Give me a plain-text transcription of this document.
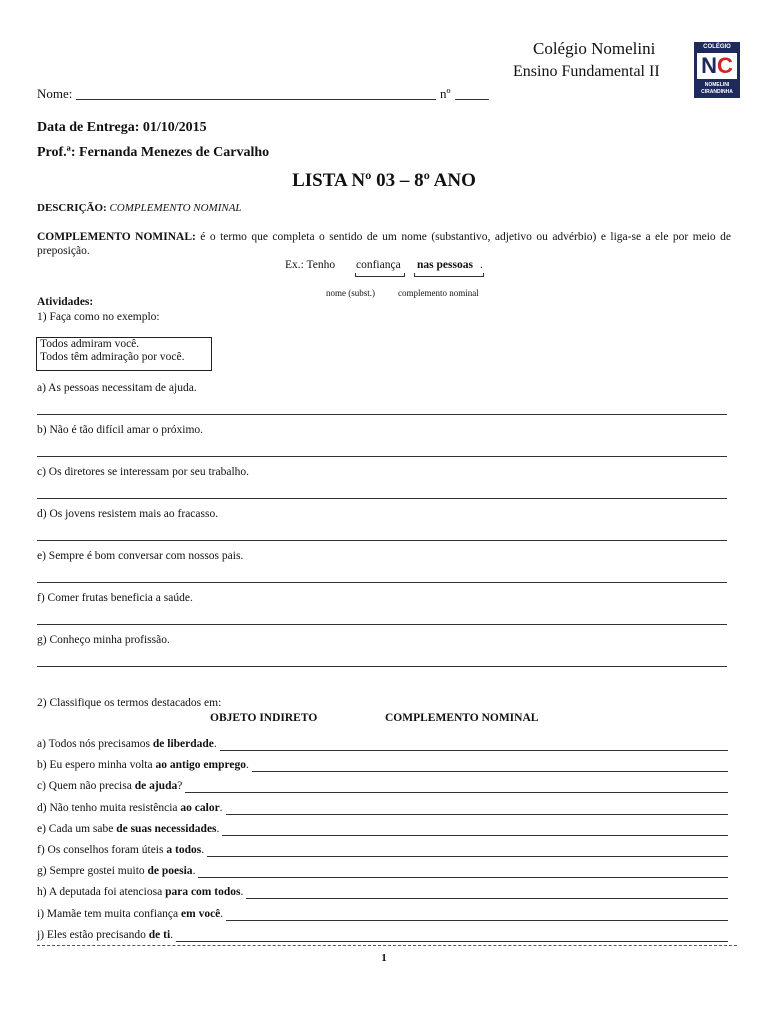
Colégio Nomelini
Ensino Fundamental II
COLÉGIO
NC
NOMELINI
CIRANDINHA
Nome:	nº
Data de Entrega: 01/10/2015
Prof.ª: Fernanda Menezes de Carvalho
LISTA Nº 03 – 8º ANO
DESCRIÇÃO: COMPLEMENTO NOMINAL
COMPLEMENTO NOMINAL: é o termo que completa o sentido de um nome (substantivo, adjetivo ou advérbio) e liga-se a ele por meio de preposição.
Ex.: Tenho confiança nas pessoas .
nome (subst.)	complemento nominal
Atividades:
1) Faça como no exemplo:
Todos admiram você.
Todos têm admiração por você.
a) As pessoas necessitam de ajuda.
b) Não é tão difícil amar o próximo.
c) Os diretores se interessam por seu trabalho.
d) Os jovens resistem mais ao fracasso.
e) Sempre é bom conversar com nossos pais.
f) Comer frutas beneficia a saúde.
g) Conheço minha profissão.
2) Classifique os termos destacados em:
OBJETO INDIRETO	COMPLEMENTO NOMINAL
a) Todos nós precisamos de liberdade.
b) Eu espero minha volta ao antigo emprego.
c) Quem não precisa de ajuda?
d) Não tenho muita resistência ao calor.
e) Cada um sabe de suas necessidades.
f) Os conselhos foram úteis a todos.
g) Sempre gostei muito de poesia.
h) A deputada foi atenciosa para com todos.
i) Mamãe tem muita confiança em você.
j) Eles estão precisando de ti.
1
